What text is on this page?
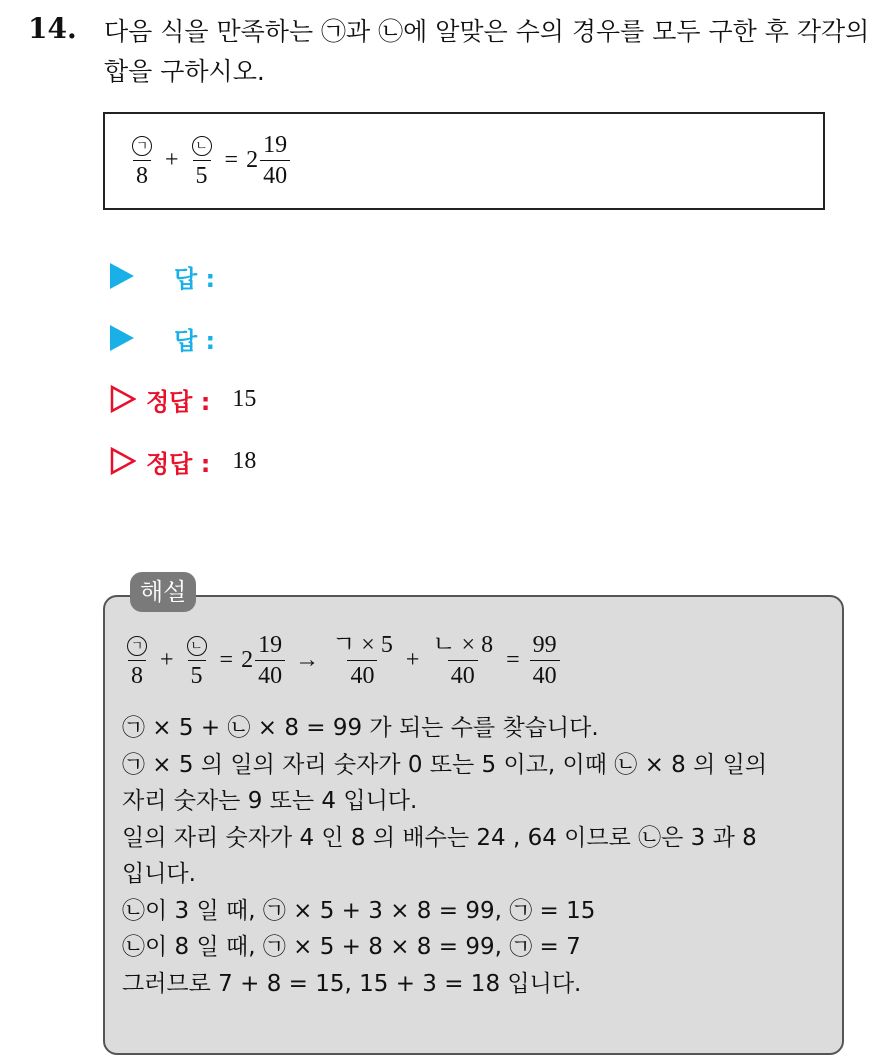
14. 다음 식을 만족하는 ㉠과 ㉡에 알맞은 수의 경우를 모두 구한 후 각각의 합을 구하시오.
$\frac{\text{ㄱ}}{8} + \frac{\text{ㄴ}}{5} = 2 \frac{19}{40}$
답 :
답 :
정답 : 15
정답 : 18
해설
$\frac{\text{ㄱ}}{8} + \frac{\text{ㄴ}}{5} = 2 \frac{19}{40} \to \frac{\text{ㄱ × 5}}{40} + \frac{\text{ㄴ × 8}}{40} = \frac{99}{40}$
㉠ × 5 + ㉡ × 8 = 99 가 되는 수를 찾습니다.
㉠ × 5 의 일의 자리 숫자가 0 또는 5 이고, 이때 ㉡ × 8 의 일의
자리 숫자는 9 또는 4 입니다.
일의 자리 숫자가 4 인 8 의 배수는 24 , 64 이므로 ㉡은 3 과 8
입니다.
㉡이 3 일 때, ㉠ × 5 + 3 × 8 = 99, ㉠ = 15
㉡이 8 일 때, ㉠ × 5 + 8 × 8 = 99, ㉠ = 7
그러므로 7 + 8 = 15, 15 + 3 = 18 입니다.
